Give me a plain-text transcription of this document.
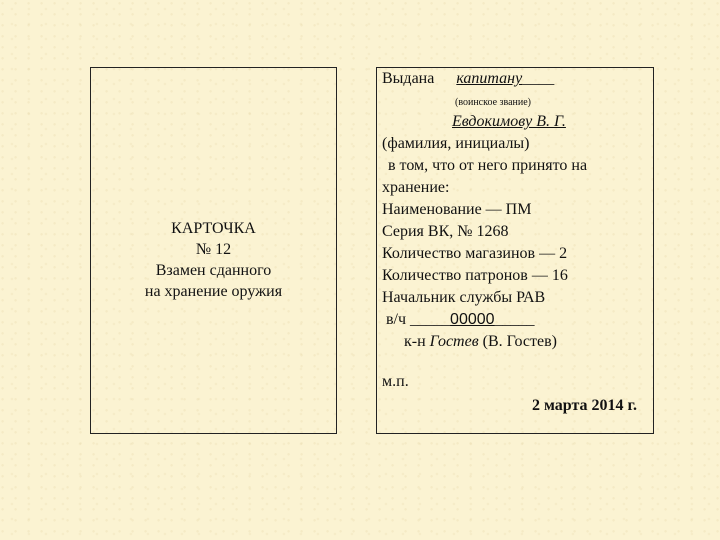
КАРТОЧКА
№ 12
Взамен сданного
на хранение оружия
Выдана капитану____
(воинское звание)
Евдокимову В. Г.
(фамилия, инициалы)
в том, что от него принято на
хранение:
Наименование — ПМ
Серия ВК, № 1268
Количество магазинов — 2
Количество патронов — 16
Начальник службы РАВ
в/ч _____00000_____
к-н Гостев (В. Гостев)
м.п.
2 марта 2014 г.
